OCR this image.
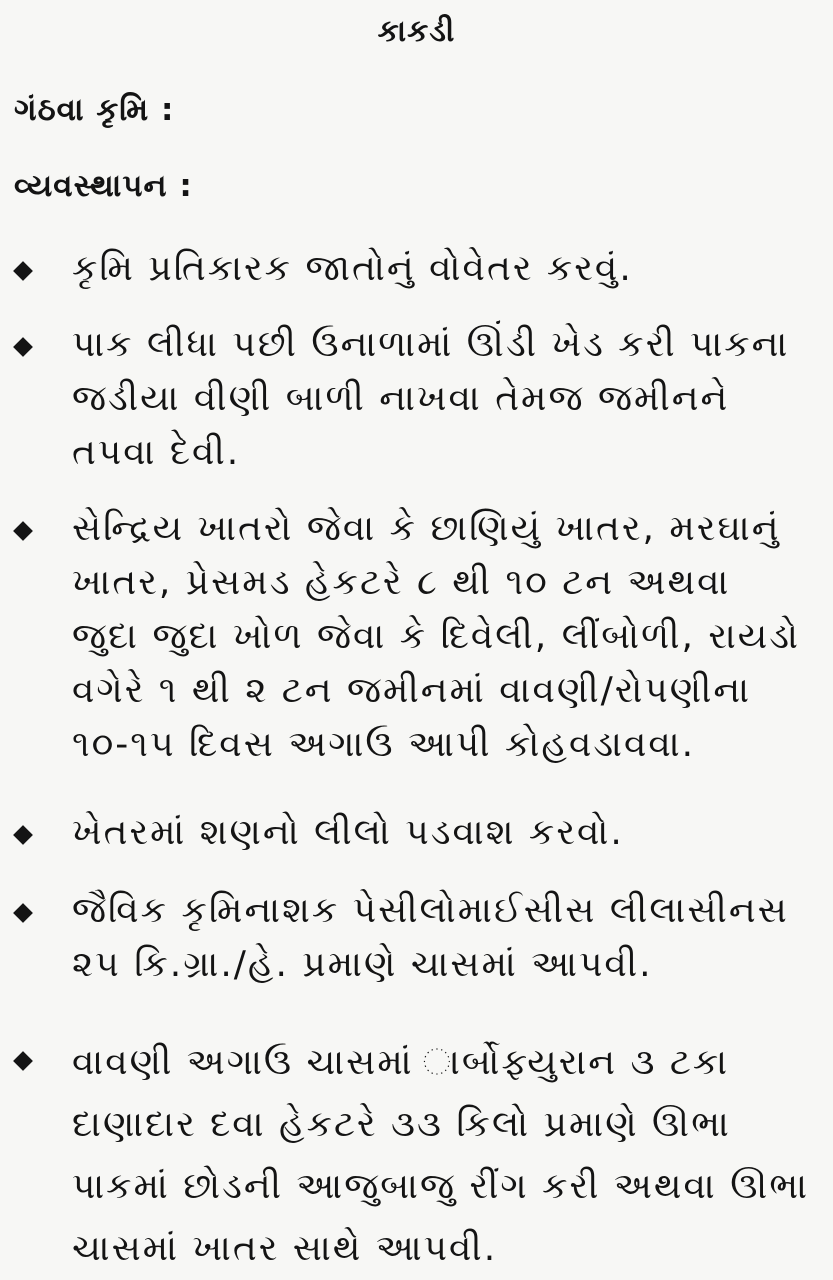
કાકડી
ગંઠવા કૃમિ :
વ્યવસ્થાપન :
કૃમિ પ્રતિકારક જાતોનું વોવેતર કરવું.
પાક લીધા પછી ઉનાળામાં ઊંડી ખેડ કરી પાકના
જડીયા વીણી બાળી નાખવા તેમજ જમીનને
તપવા દેવી.
સેન્દ્રિય ખાતરો જેવા કે છાણિયું ખાતર, મરઘાનું
ખાતર, પ્રેસમડ હેકટરે ૮ થી ૧૦ ટન અથવા
જુદા જુદા ખોળ જેવા કે દિવેલી, લીંબોળી, રાયડો
વગેરે ૧ થી ૨ ટન જમીનમાં વાવણી/રોપણીના
૧૦-૧૫ દિવસ અગાઉ આપી કોહવડાવવા.
ખેતરમાં શણનો લીલો પડવાશ કરવો.
જૈવિક કૃમિનાશક પેસીલોમાઈસીસ લીલાસીનસ
૨૫ કિ.ગ્રા./હે. પ્રમાણે ચાસમાં આપવી.
વાવણી અગાઉ ચાસમાં ાર્બોફ્યુરાન ૩ ટકા
દાણાદાર દવા હેકટરે ૩૩ કિલો પ્રમાણે ઊભા
પાકમાં છોડની આજુબાજુ રીંગ કરી અથવા ઊભા
ચાસમાં ખાતર સાથે આપવી.
